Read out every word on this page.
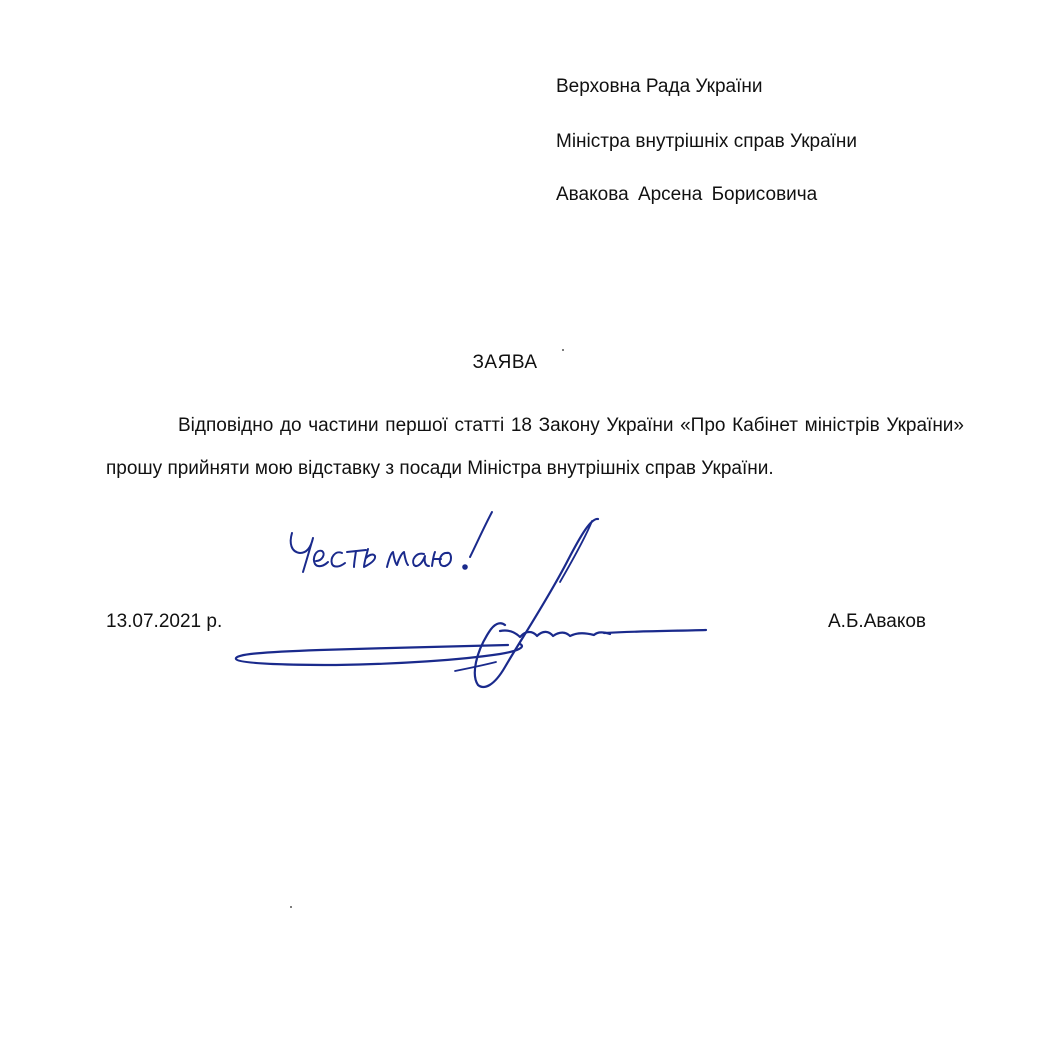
Верховна Рада України
Міністра внутрішніх справ України
Авакова Арсена Борисовича
ЗАЯВА
Відповідно до частини першої статті 18 Закону України «Про Кабінет міністрів України» прошу прийняти мою відставку з посади Міністра внутрішніх справ України.
13.07.2021 р.	А.Б.Аваков
